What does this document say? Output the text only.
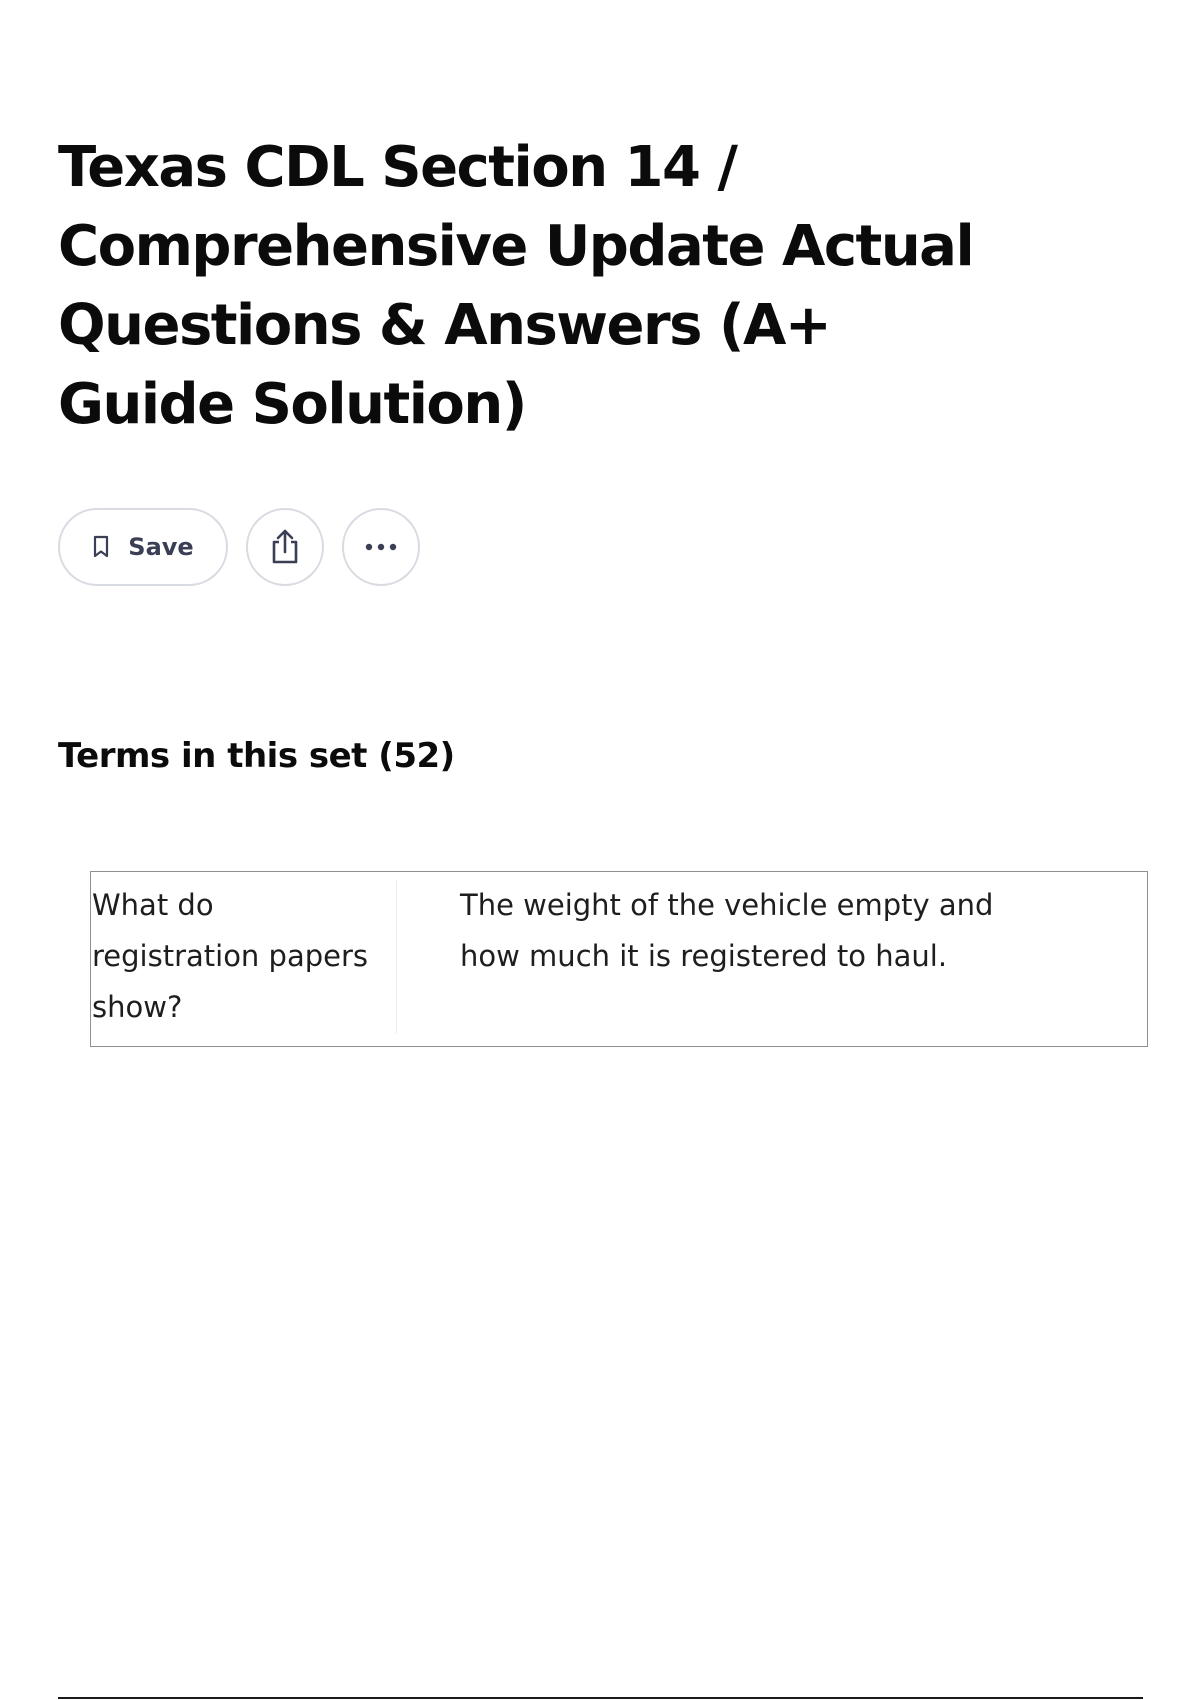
Texas CDL Section 14 / Comprehensive Update Actual Questions & Answers (A+ Guide Solution)
Save
Terms in this set (52)
What do registration papers show?
The weight of the vehicle empty and how much it is registered to haul.
